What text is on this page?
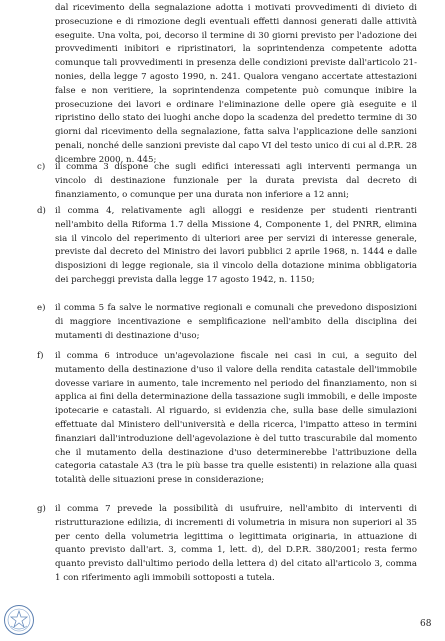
dal ricevimento della segnalazione adotta i motivati provvedimenti di divieto di prosecuzione e di rimozione degli eventuali effetti dannosi generati dalle attività eseguite. Una volta, poi, decorso il termine di 30 giorni previsto per l'adozione dei provvedimenti inibitori e ripristinatori, la soprintendenza competente adotta comunque tali provvedimenti in presenza delle condizioni previste dall'articolo 21-nonies, della legge 7 agosto 1990, n. 241. Qualora vengano accertate attestazioni false e non veritiere, la soprintendenza competente può comunque inibire la prosecuzione dei lavori e ordinare l'eliminazione delle opere già eseguite e il ripristino dello stato dei luoghi anche dopo la scadenza del predetto termine di 30 giorni dal ricevimento della segnalazione, fatta salva l'applicazione delle sanzioni penali, nonché delle sanzioni previste dal capo VI del testo unico di cui al d.P.R. 28 dicembre 2000, n. 445;
c)	il comma 3 dispone che sugli edifici interessati agli interventi permanga un vincolo di destinazione funzionale per la durata prevista dal decreto di finanziamento, o comunque per una durata non inferiore a 12 anni;
d)	il comma 4, relativamente agli alloggi e residenze per studenti rientranti nell'ambito della Riforma 1.7 della Missione 4, Componente 1, del PNRR, elimina sia il vincolo del reperimento di ulteriori aree per servizi di interesse generale, previste dal decreto del Ministro dei lavori pubblici 2 aprile 1968, n. 1444 e dalle disposizioni di legge regionale, sia il vincolo della dotazione minima obbligatoria dei parcheggi prevista dalla legge 17 agosto 1942, n. 1150;
e)	il comma 5 fa salve le normative regionali e comunali che prevedono disposizioni di maggiore incentivazione e semplificazione nell'ambito della disciplina dei mutamenti di destinazione d'uso;
f)	il comma 6 introduce un'agevolazione fiscale nei casi in cui, a seguito del mutamento della destinazione d'uso il valore della rendita catastale dell'immobile dovesse variare in aumento, tale incremento nel periodo del finanziamento, non si applica ai fini della determinazione della tassazione sugli immobili, e delle imposte ipotecarie e catastali. Al riguardo, si evidenzia che, sulla base delle simulazioni effettuate dal Ministero dell'università e della ricerca, l'impatto atteso in termini finanziari dall'introduzione dell'agevolazione è del tutto trascurabile dal momento che il mutamento della destinazione d'uso determinerebbe l'attribuzione della categoria catastale A3 (tra le più basse tra quelle esistenti) in relazione alla quasi totalità delle situazioni prese in considerazione;
g)	il comma 7 prevede la possibilità di usufruire, nell'ambito di interventi di ristrutturazione edilizia, di incrementi di volumetria in misura non superiori al 35 per cento della volumetria legittima o legittimata originaria, in attuazione di quanto previsto dall'art. 3, comma 1, lett. d), del D.P.R. 380/2001; resta fermo quanto previsto dall'ultimo periodo della lettera d) del citato all'articolo 3, comma 1 con riferimento agli immobili sottoposti a tutela.
68
